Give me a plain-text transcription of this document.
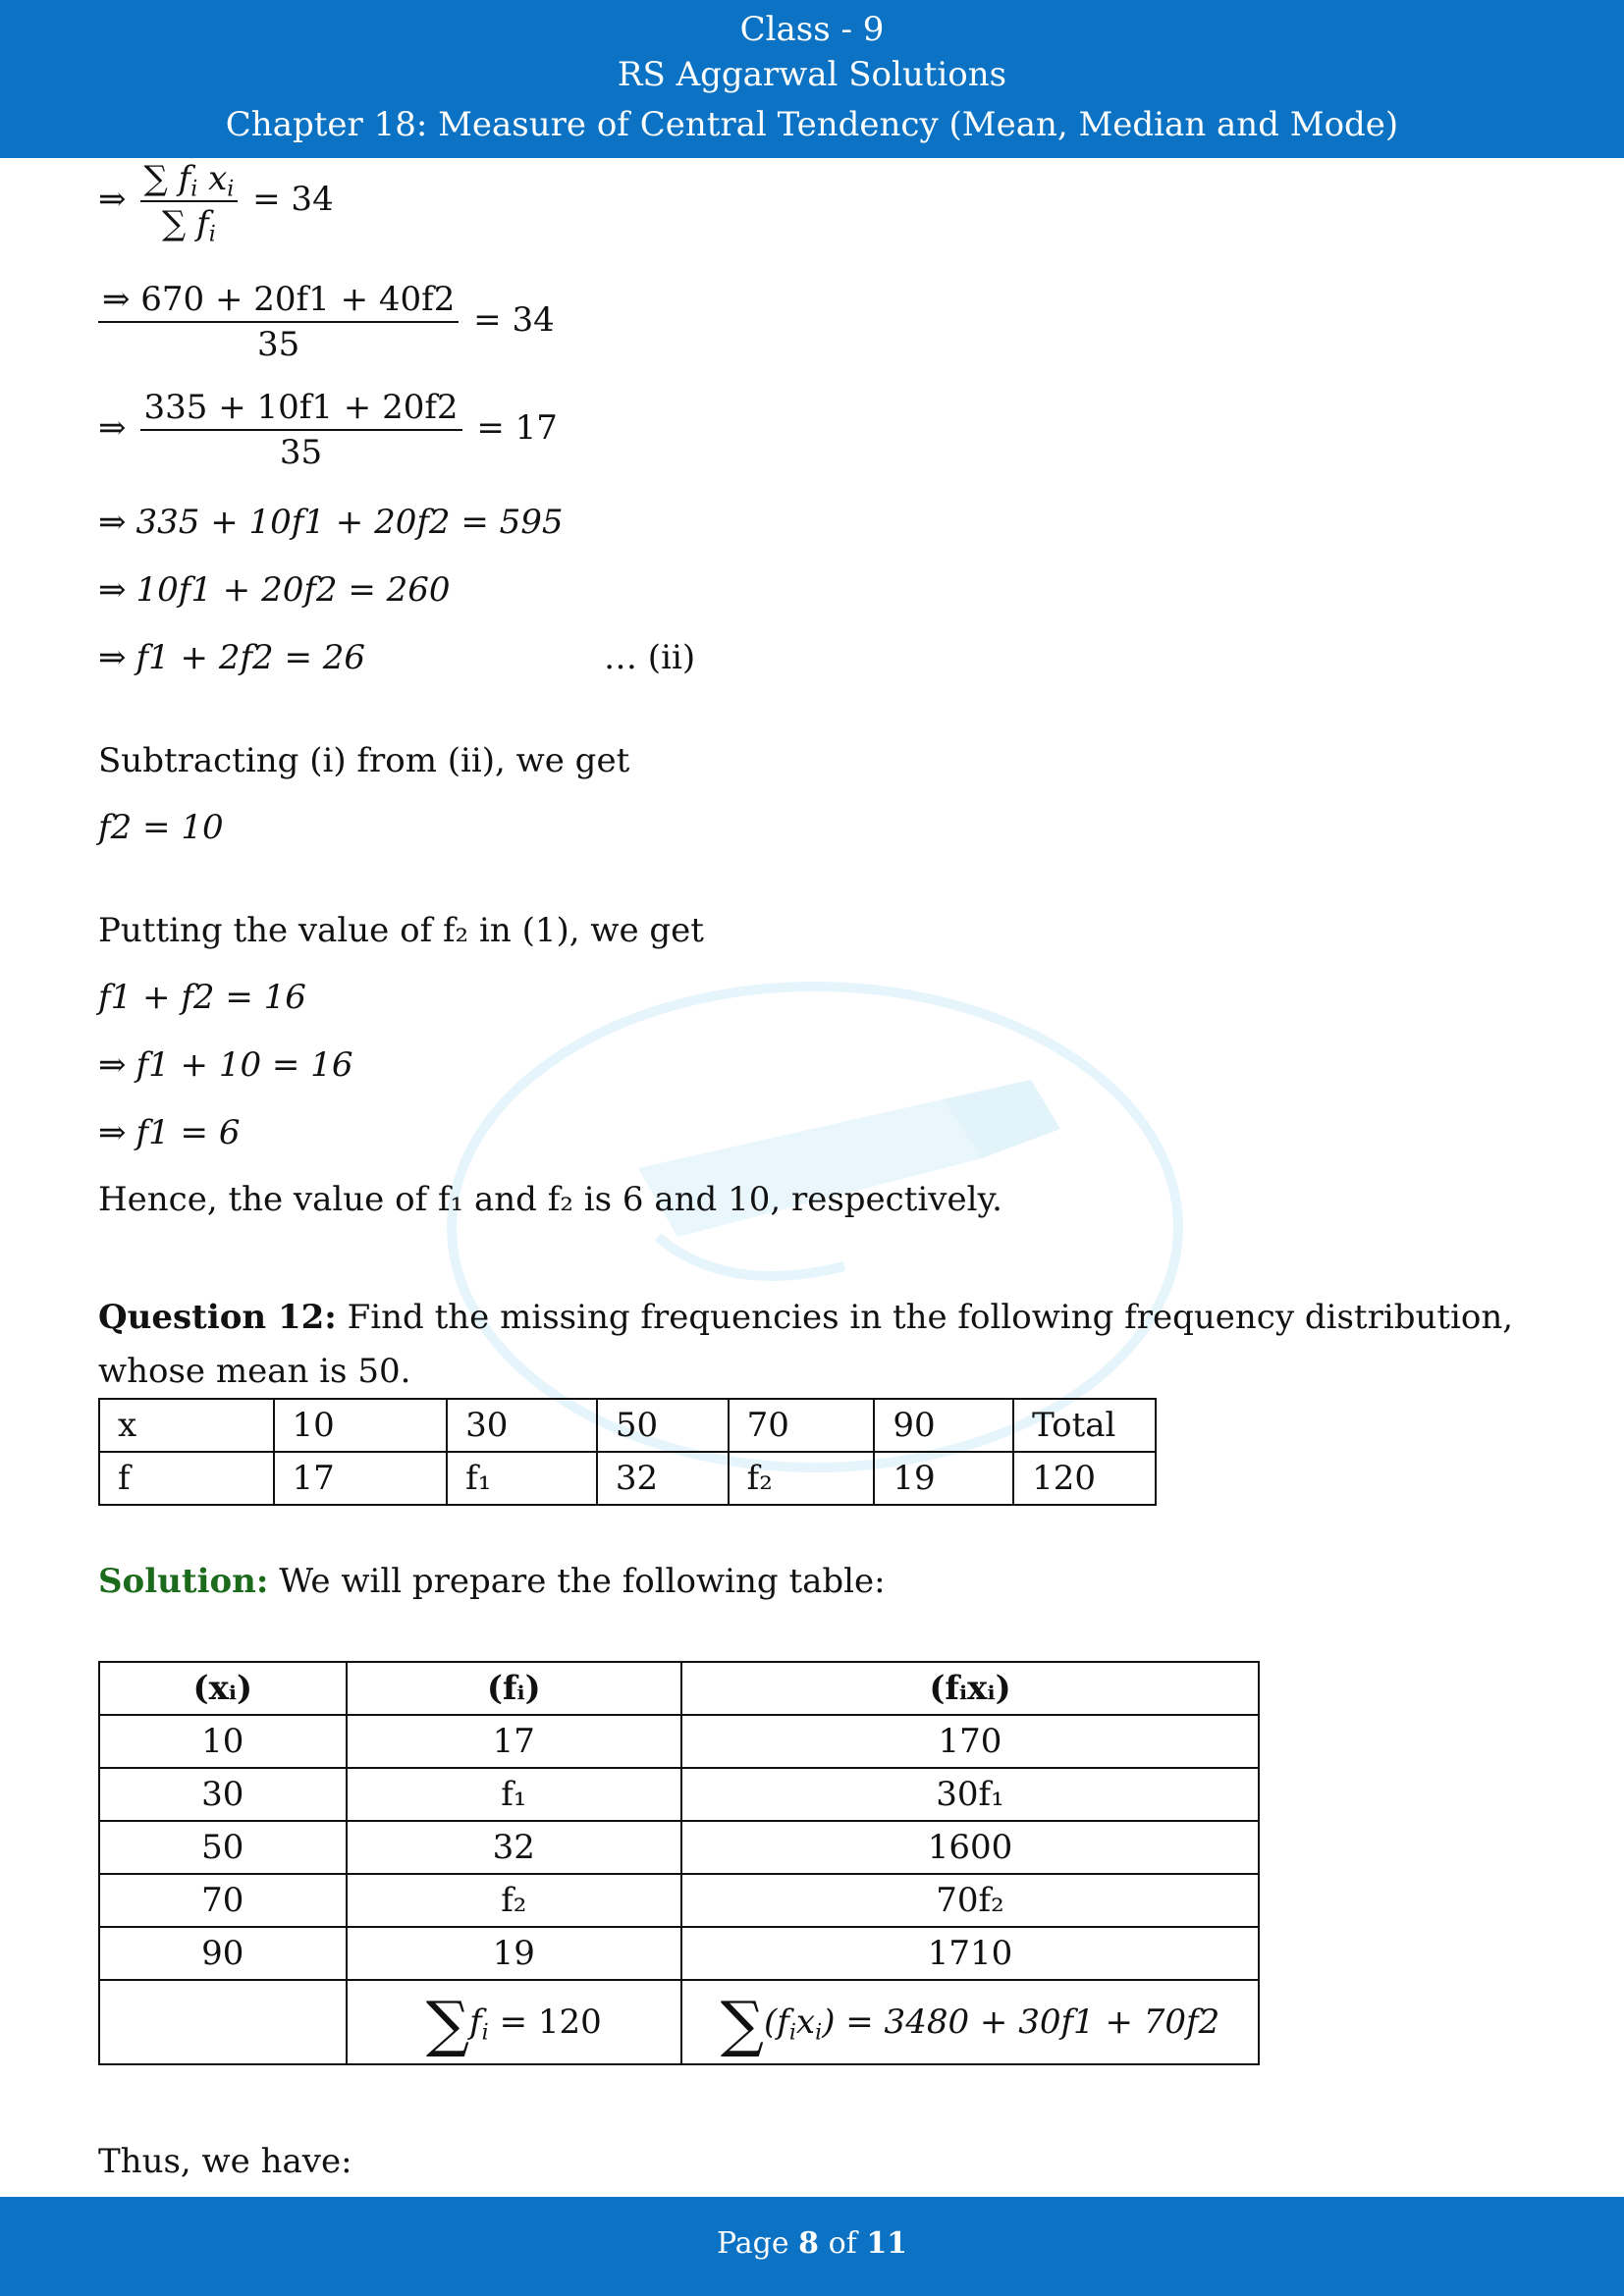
Class - 9
RS Aggarwal Solutions
Chapter 18: Measure of Central Tendency (Mean, Median and Mode)
⇒ $\frac{\sum f_i x_i}{\sum f_i} = 34$
$\frac{\Rightarrow 670 + 20f1 + 40f2}{35} = 34$
⇒ $\frac{335 + 10f1 + 20f2}{35} = 17$
⇒ 335 + 10f1 + 20f2 = 595
⇒ 10f1 + 20f2 = 260
⇒ f1 + 2f2 = 26	… (ii)
Subtracting (i) from (ii), we get
f2 = 10
Putting the value of f₂ in (1), we get
f1 + f2 = 16
⇒ f1 + 10 = 16
⇒ f1 = 6
Hence, the value of f₁ and f₂ is 6 and 10, respectively.
Question 12: Find the missing frequencies in the following frequency distribution,
whose mean is 50.
x	10	30	50	70	90	Total
f	17	f₁	32	f₂	19	120
Solution: We will prepare the following table:
(xᵢ)	(fᵢ)	(fᵢxᵢ)
10	17	170
30	f₁	30f₁
50	32	1600
70	f₂	70f₂
90	19	1710
	$\sum f_i = 120$	$\sum(f_ix_i) = 3480 + 30f1 + 70f2$
Thus, we have:
Page 8 of 11
